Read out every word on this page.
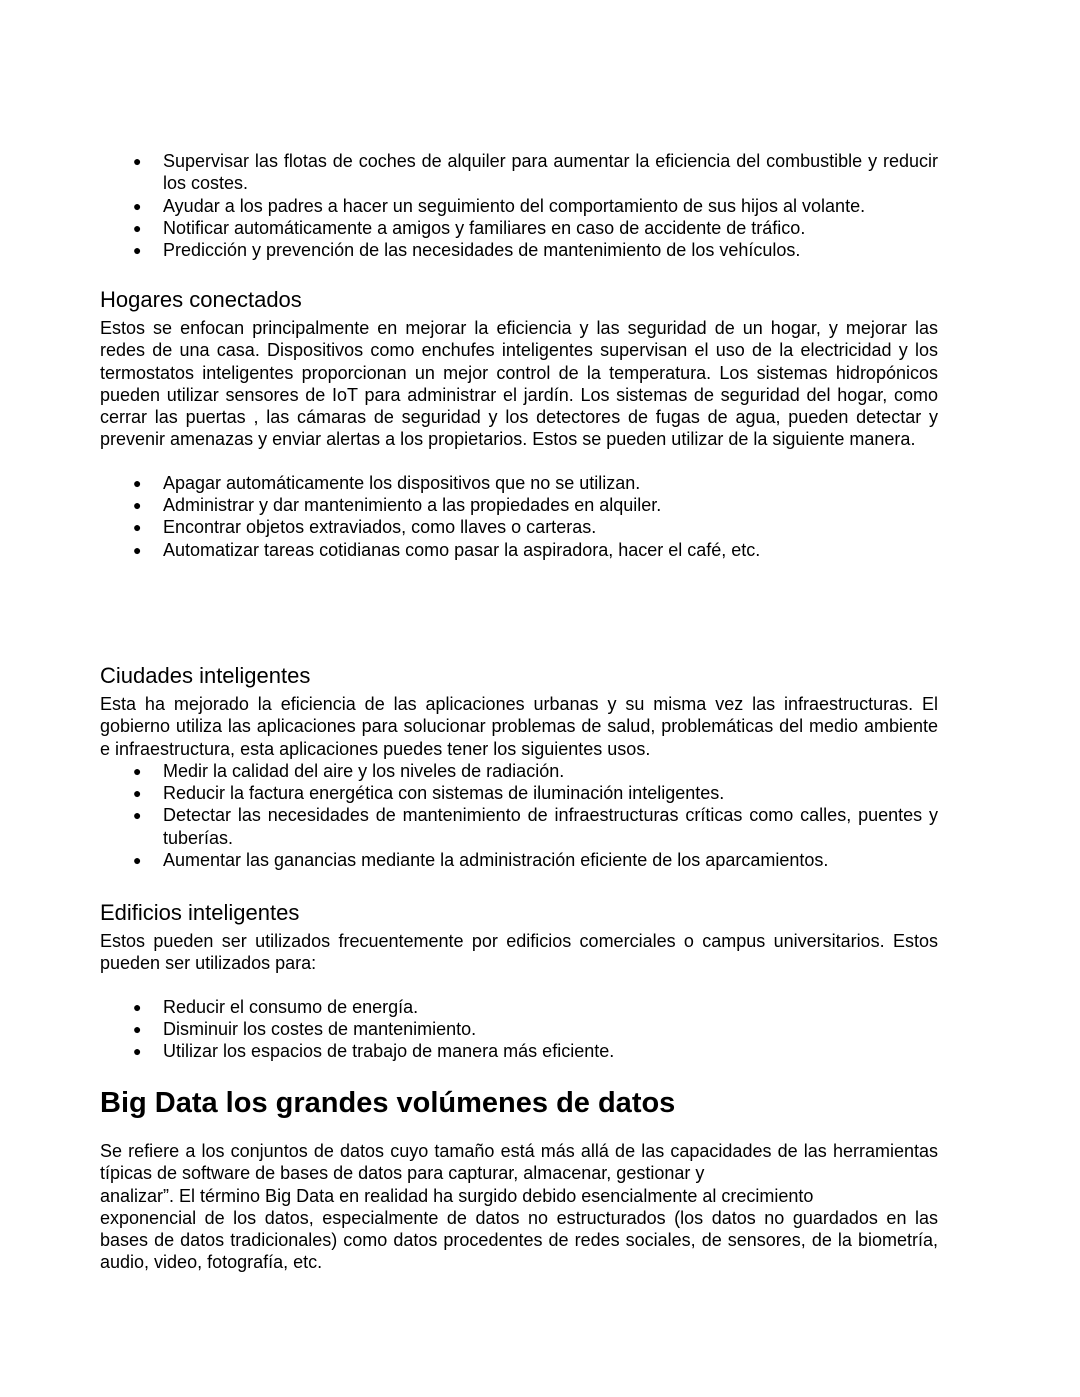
● Supervisar las flotas de coches de alquiler para aumentar la eficiencia del combustible y reducir los costes.
● Ayudar a los padres a hacer un seguimiento del comportamiento de sus hijos al volante.
● Notificar automáticamente a amigos y familiares en caso de accidente de tráfico.
● Predicción y prevención de las necesidades de mantenimiento de los vehículos.
Hogares conectados

Estos se enfocan principalmente en mejorar la eficiencia y las seguridad de un hogar, y mejorar las redes de una casa. Dispositivos como enchufes inteligentes supervisan el uso de la electricidad y los termostatos inteligentes proporcionan un mejor control de la temperatura. Los sistemas hidropónicos pueden utilizar sensores de IoT para administrar el jardín. Los sistemas de seguridad del hogar, como cerrar las puertas , las cámaras de seguridad y los detectores de fugas de agua, pueden detectar y prevenir amenazas y enviar alertas a los propietarios. Estos se pueden utilizar de la siguiente manera.

● Apagar automáticamente los dispositivos que no se utilizan.
● Administrar y dar mantenimiento a las propiedades en alquiler.
● Encontrar objetos extraviados, como llaves o carteras.
● Automatizar tareas cotidianas como pasar la aspiradora, hacer el café, etc.
Ciudades inteligentes

Esta ha mejorado la eficiencia de las aplicaciones urbanas y su misma vez las infraestructuras. El gobierno utiliza las aplicaciones para solucionar problemas de salud, problemáticas del medio ambiente e infraestructura, esta aplicaciones puedes tener los siguientes usos.

● Medir la calidad del aire y los niveles de radiación.
● Reducir la factura energética con sistemas de iluminación inteligentes.
● Detectar las necesidades de mantenimiento de infraestructuras críticas como calles, puentes y tuberías.
● Aumentar las ganancias mediante la administración eficiente de los aparcamientos.
Edificios inteligentes

Estos pueden ser utilizados frecuentemente por edificios comerciales o campus universitarios. Estos pueden ser utilizados para:

● Reducir el consumo de energía.
● Disminuir los costes de mantenimiento.
● Utilizar los espacios de trabajo de manera más eficiente.
Big Data los grandes volúmenes de datos

Se refiere a los conjuntos de datos cuyo tamaño está más allá de las capacidades de las herramientas típicas de software de bases de datos para capturar, almacenar, gestionar y

analizar”. El término Big Data en realidad ha surgido debido esencialmente al crecimiento

exponencial de los datos, especialmente de datos no estructurados (los datos no guardados en las bases de datos tradicionales) como datos procedentes de redes sociales, de sensores, de la biometría, audio, video, fotografía, etc.
